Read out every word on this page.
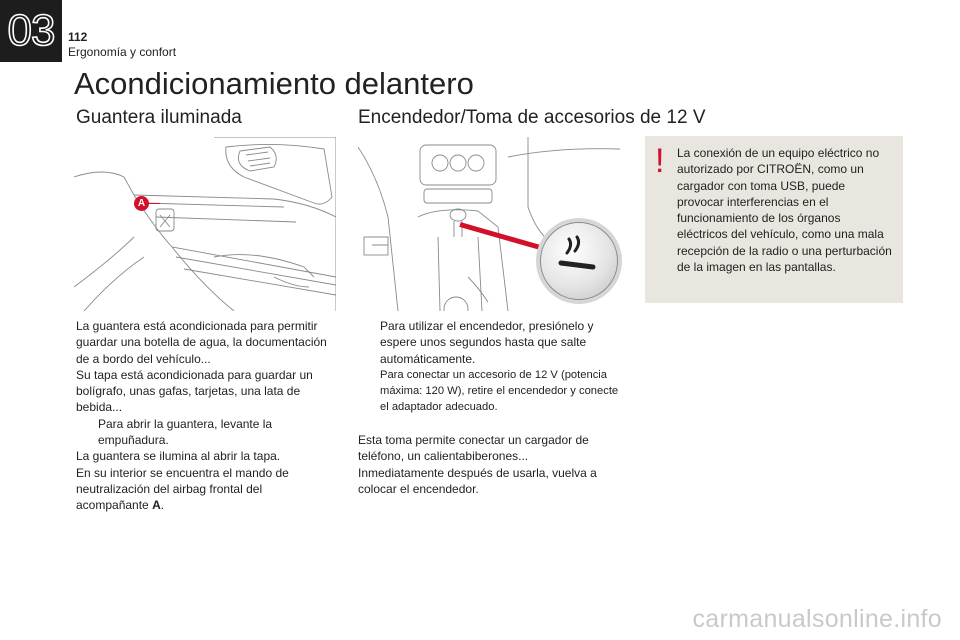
03 112
Ergonomía y confort
Acondicionamiento delantero
Guantera iluminada
A

La guantera está acondicionada para permitir guardar una botella de agua, la documentación de a bordo del vehículo...

Su tapa está acondicionada para guardar un bolígrafo, unas gafas, tarjetas, una lata de bebida...

Para abrir la guantera, levante la empuñadura.

La guantera se ilumina al abrir la tapa.

En su interior se encuentra el mando de neutralización del airbag frontal del acompañante A.

Encendedor/Toma de accesorios de 12 V
Para utilizar el encendedor, presiónelo y espere unos segundos hasta que salte automáticamente.
Para conectar un accesorio de 12 V (potencia máxima: 120 W), retire el encendedor y conecte el adaptador adecuado.

Esta toma permite conectar un cargador de teléfono, un calientabiberones...

Inmediatamente después de usarla, vuelva a colocar el encendedor.

! La conexión de un equipo eléctrico no autorizado por CITROËN, como un cargador con toma USB, puede provocar interferencias en el funcionamiento de los órganos eléctricos del vehículo, como una mala recepción de la radio o una perturbación de la imagen en las pantallas.
carmanualsonline.info
